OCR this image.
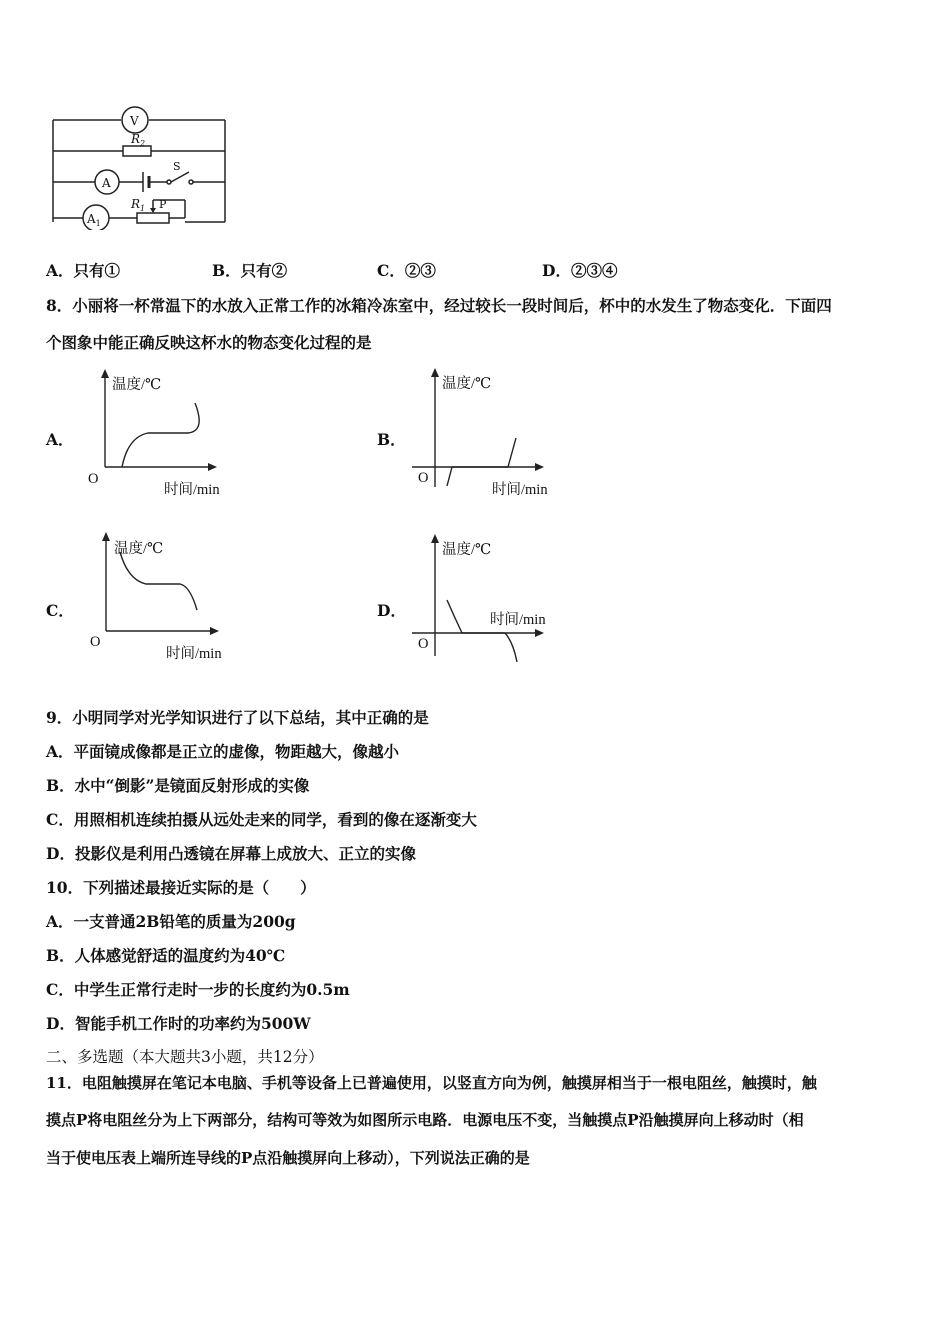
V
$R_2$
A
S
$A_1$
$R_1$ P
A．只有①	B．只有②	C．②③	D．②③④
8．小丽将一杯常温下的水放入正常工作的冰箱冷冻室中，经过较长一段时间后，杯中的水发生了物态变化．下面四
个图象中能正确反映这杯水的物态变化过程的是
A．
温度/℃
O
时间/min
B．
温度/℃
O
时间/min
C．
温度/℃
O
时间/min
D．
温度/℃
O
时间/min
9．小明同学对光学知识进行了以下总结，其中正确的是
A．平面镜成像都是正立的虚像，物距越大，像越小
B．水中“倒影”是镜面反射形成的实像
C．用照相机连续拍摄从远处走来的同学，看到的像在逐渐变大
D．投影仪是利用凸透镜在屏幕上成放大、正立的实像
10．下列描述最接近实际的是（　　）
A．一支普通2B铅笔的质量为200g
B．人体感觉舒适的温度约为40℃
C．中学生正常行走时一步的长度约为0.5m
D．智能手机工作时的功率约为500W
二、多选题（本大题共3小题，共12分）
11．电阻触摸屏在笔记本电脑、手机等设备上已普遍使用，以竖直方向为例，触摸屏相当于一根电阻丝，触摸时，触
摸点P将电阻丝分为上下两部分，结构可等效为如图所示电路．电源电压不变，当触摸点P沿触摸屏向上移动时（相
当于使电压表上端所连导线的P点沿触摸屏向上移动），下列说法正确的是
